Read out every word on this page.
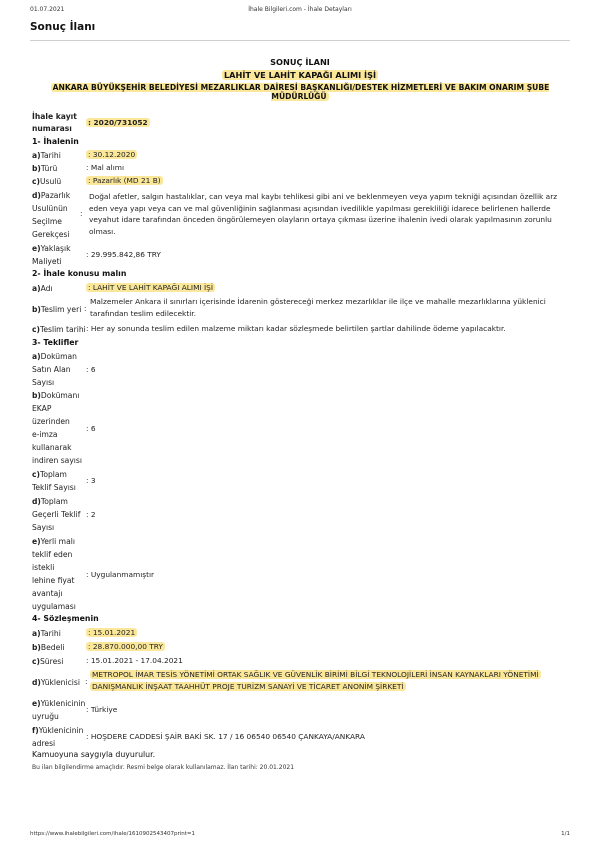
01.07.2021	İhale Bilgileri.com - İhale Detayları
Sonuç İlanı
SONUÇ İLANI
LAHİT VE LAHİT KAPAĞI ALIMI İŞİ
ANKARA BÜYÜKŞEHİR BELEDİYESİ MEZARLIKLAR DAİRESİ BAŞKANLIĞI/DESTEK HİZMETLERİ VE BAKIM ONARIM ŞUBE MÜDÜRLÜĞÜ
İhale kayıt
numarası
: 2020/731052
1- İhalenin
a)Tarihi	: 30.12.2020
b)Türü	: Mal alımı
c)Usulü	: Pazarlık (MD 21 B)
d)Pazarlık
Usulünün
Seçilme
Gerekçesi
:
Doğal afetler, salgın hastalıklar, can veya mal kaybı tehlikesi gibi ani ve beklenmeyen veya yapım tekniği açısından özellik arz
eden veya yapı veya can ve mal güvenliğinin sağlanması açısından ivedilikle yapılması gerekliliği idarece belirlenen hallerde
veyahut idare tarafından önceden öngörülemeyen olayların ortaya çıkması üzerine ihalenin ivedi olarak yapılmasının zorunlu
olması.
e)Yaklaşık
Maliyeti
: 29.995.842,86 TRY
2- İhale konusu malın
a)Adı	: LAHİT VE LAHİT KAPAĞI ALIMI İŞİ
b)Teslim yeri :
Malzemeler Ankara il sınırları içerisinde İdarenin göstereceği merkez mezarlıklar ile ilçe ve mahalle mezarlıklarına yüklenici
tarafından teslim edilecektir.
c)Teslim tarihi : Her ay sonunda teslim edilen malzeme miktarı kadar sözleşmede belirtilen şartlar dahilinde ödeme yapılacaktır.
3- Teklifler
a)Doküman
Satın Alan
Sayısı
: 6
b)Dokümanı
EKAP
üzerinden
e-imza
kullanarak
indiren sayısı
: 6
c)Toplam
Teklif Sayısı
: 3
d)Toplam
Geçerli Teklif
Sayısı
: 2
e)Yerli malı
teklif eden
istekli
lehine fiyat
avantajı
uygulaması
: Uygulanmamıştır
4- Sözleşmenin
a)Tarihi	: 15.01.2021
b)Bedeli	: 28.870.000,00 TRY
c)Süresi	: 15.01.2021 - 17.04.2021
d)Yüklenicisi :
METROPOL İMAR TESİS YÖNETİMİ ORTAK SAĞLIK VE GÜVENLİK BİRİMİ BİLGİ TEKNOLOJİLERİ İNSAN KAYNAKLARI YÖNETİMİ
DANIŞMANLIK İNŞAAT TAAHHÜT PROJE TURİZM SANAYİ VE TİCARET ANONİM ŞİRKETİ
e)Yüklenicinin
uyruğu
: Türkiye
f)Yüklenicinin
adresi
: HOŞDERE CADDESİ ŞAİR BAKİ SK. 17 / 16 06540 06540 ÇANKAYA/ANKARA
Kamuoyuna saygıyla duyurulur.
Bu ilan bilgilendirme amaçlıdır. Resmi belge olarak kullanılamaz. İlan tarihi: 20.01.2021
https://www.ihalebilgileri.com/ihale/1610902543407print=1	1/1
